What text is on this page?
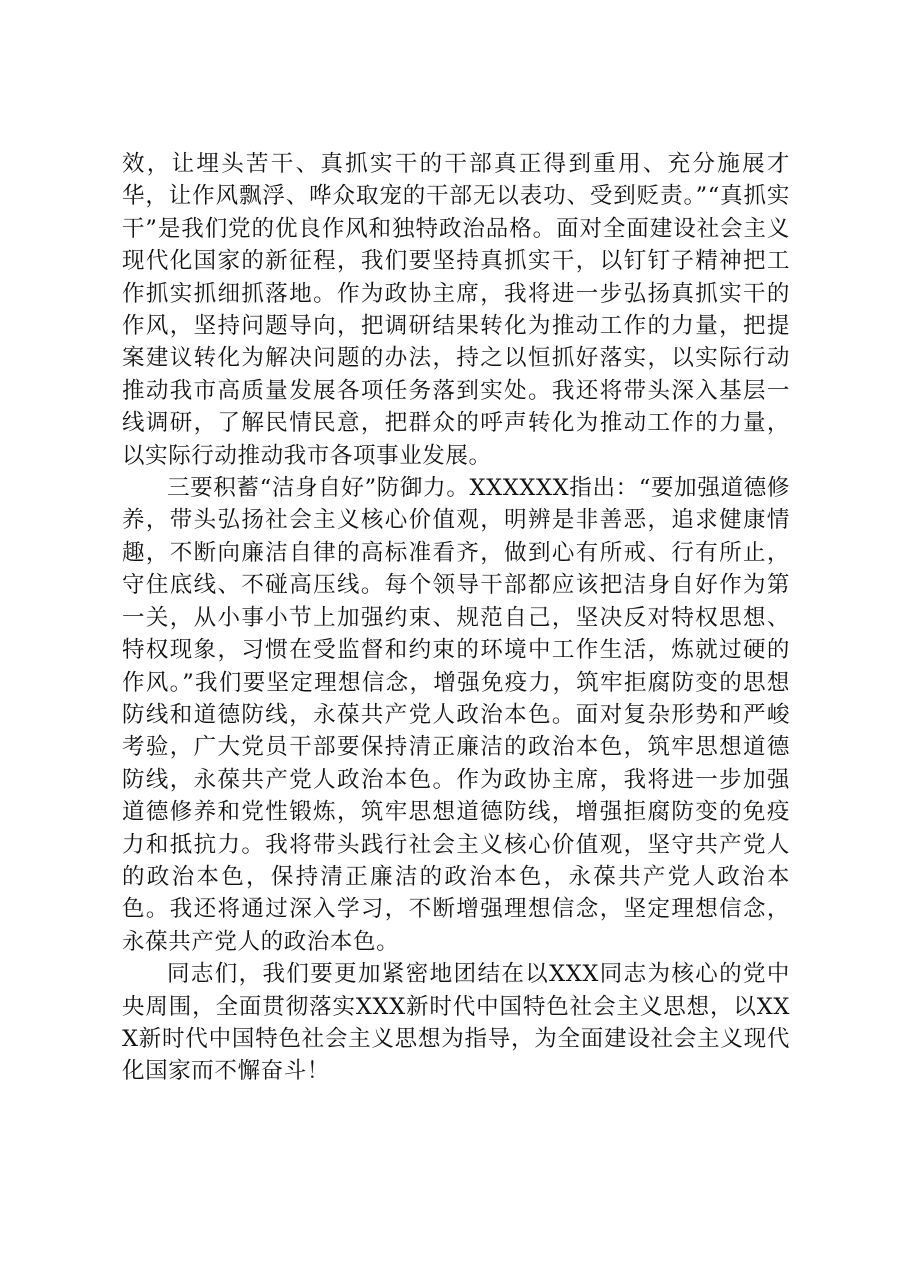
效，让埋头苦干、真抓实干的干部真正得到重用、充分施展才华，让作风飘浮、哗众取宠的干部无以表功、受到贬责。”“真抓实干”是我们党的优良作风和独特政治品格。面对全面建设社会主义现代化国家的新征程，我们要坚持真抓实干，以钉钉子精神把工作抓实抓细抓落地。作为政协主席，我将进一步弘扬真抓实干的作风，坚持问题导向，把调研结果转化为推动工作的力量，把提案建议转化为解决问题的办法，持之以恒抓好落实，以实际行动推动我市高质量发展各项任务落到实处。我还将带头深入基层一线调研，了解民情民意，把群众的呼声转化为推动工作的力量，以实际行动推动我市各项事业发展。

三要积蓄“洁身自好”防御力。XXXXXX指出：“要加强道德修养，带头弘扬社会主义核心价值观，明辨是非善恶，追求健康情趣，不断向廉洁自律的高标准看齐，做到心有所戒、行有所止，守住底线、不碰高压线。每个领导干部都应该把洁身自好作为第一关，从小事小节上加强约束、规范自己，坚决反对特权思想、特权现象，习惯在受监督和约束的环境中工作生活，炼就过硬的作风。”我们要坚定理想信念，增强免疫力，筑牢拒腐防变的思想防线和道德防线，永葆共产党人政治本色。面对复杂形势和严峻考验，广大党员干部要保持清正廉洁的政治本色，筑牢思想道德防线，永葆共产党人政治本色。作为政协主席，我将进一步加强道德修养和党性锻炼，筑牢思想道德防线，增强拒腐防变的免疫力和抵抗力。我将带头践行社会主义核心价值观，坚守共产党人的政治本色，保持清正廉洁的政治本色，永葆共产党人政治本色。我还将通过深入学习，不断增强理想信念，坚定理想信念，永葆共产党人的政治本色。

同志们，我们要更加紧密地团结在以XXX同志为核心的党中央周围，全面贯彻落实XXX新时代中国特色社会主义思想，以XXX新时代中国特色社会主义思想为指导，为全面建设社会主义现代化国家而不懈奋斗！
